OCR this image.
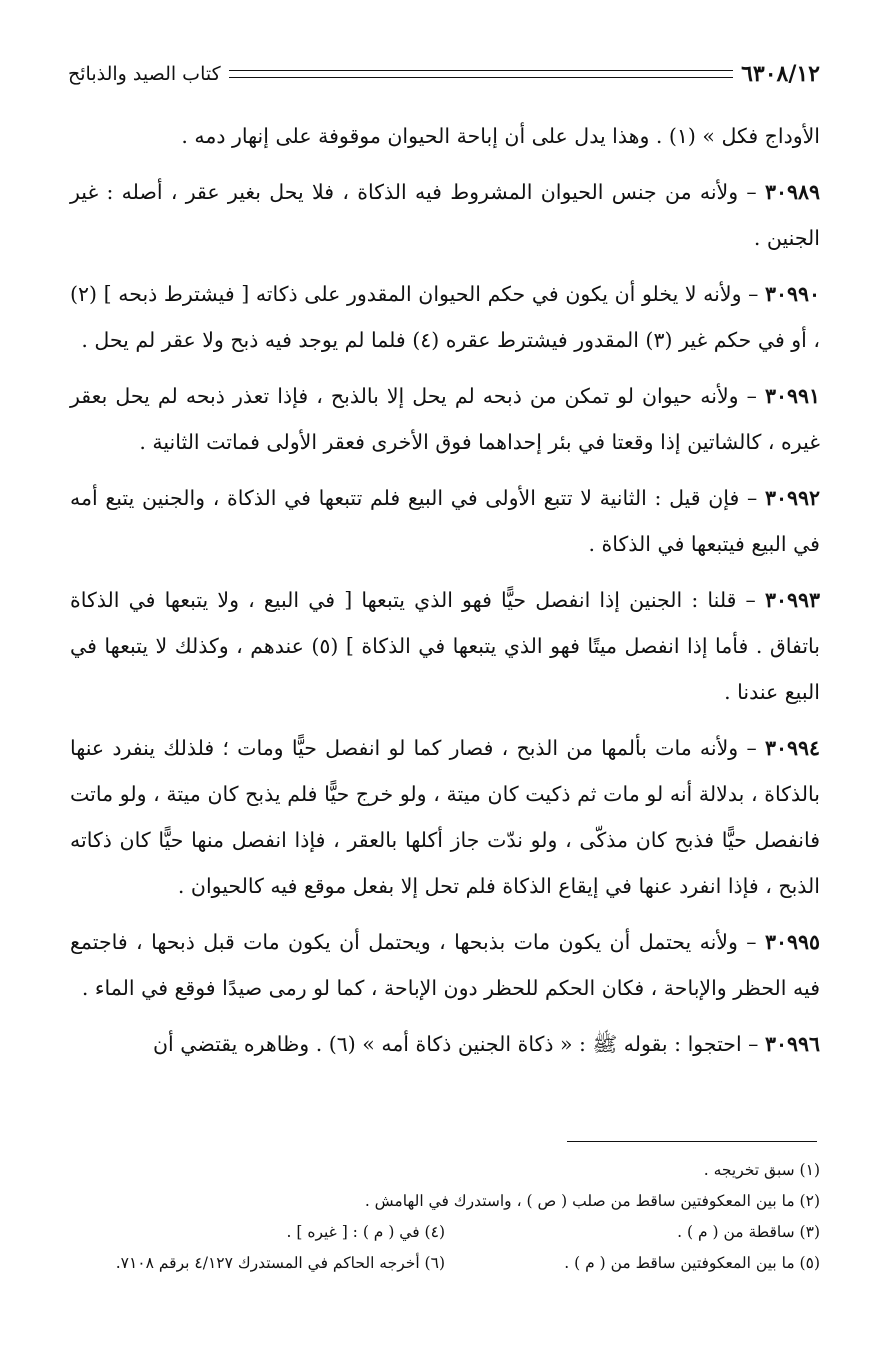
٦٣٠٨/١٢
كتاب الصيد والذبائح

الأوداج فكل » (١) . وهذا يدل على أن إباحة الحيوان موقوفة على إنهار دمه .

٣٠٩٨٩ – ولأنه من جنس الحيوان المشروط فيه الذكاة ، فلا يحل بغير عقر ، أصله : غير الجنين .

٣٠٩٩٠ – ولأنه لا يخلو أن يكون في حكم الحيوان المقدور على ذكاته [ فيشترط ذبحه ] (٢) ، أو في حكم غير (٣) المقدور فيشترط عقره (٤) فلما لم يوجد فيه ذبح ولا عقر لم يحل .

٣٠٩٩١ – ولأنه حيوان لو تمكن من ذبحه لم يحل إلا بالذبح ، فإذا تعذر ذبحه لم يحل بعقر غيره ، كالشاتين إذا وقعتا في بئر إحداهما فوق الأخرى فعقر الأولى فماتت الثانية .

٣٠٩٩٢ – فإن قيل : الثانية لا تتبع الأولى في البيع فلم تتبعها في الذكاة ، والجنين يتبع أمه في البيع فيتبعها في الذكاة .

٣٠٩٩٣ – قلنا : الجنين إذا انفصل حيًّا فهو الذي يتبعها [ في البيع ، ولا يتبعها في الذكاة باتفاق . فأما إذا انفصل ميتًا فهو الذي يتبعها في الذكاة ] (٥) عندهم ، وكذلك لا يتبعها في البيع عندنا .

٣٠٩٩٤ – ولأنه مات بألمها من الذبح ، فصار كما لو انفصل حيًّا ومات ؛ فلذلك ينفرد عنها بالذكاة ، بدلالة أنه لو مات ثم ذكيت كان ميتة ، ولو خرج حيًّا فلم يذبح كان ميتة ، ولو ماتت فانفصل حيًّا فذبح كان مذكّى ، ولو ندّت جاز أكلها بالعقر ، فإذا انفصل منها حيًّا كان ذكاته الذبح ، فإذا انفرد عنها في إيقاع الذكاة فلم تحل إلا بفعل موقع فيه كالحيوان .

٣٠٩٩٥ – ولأنه يحتمل أن يكون مات بذبحها ، ويحتمل أن يكون مات قبل ذبحها ، فاجتمع فيه الحظر والإباحة ، فكان الحكم للحظر دون الإباحة ، كما لو رمى صيدًا فوقع في الماء .

٣٠٩٩٦ – احتجوا : بقوله ﷺ : « ذكاة الجنين ذكاة أمه » (٦) . وظاهره يقتضي أن

(١) سبق تخريجه .
(٢) ما بين المعكوفتين ساقط من صلب ( ص ) ، واستدرك في الهامش .
(٣) ساقطة من ( م ) .
(٤) في ( م ) : [ غيره ] .
(٥) ما بين المعكوفتين ساقط من ( م ) .
(٦) أخرجه الحاكم في المستدرك ٤/١٢٧ برقم ٧١٠٨.
